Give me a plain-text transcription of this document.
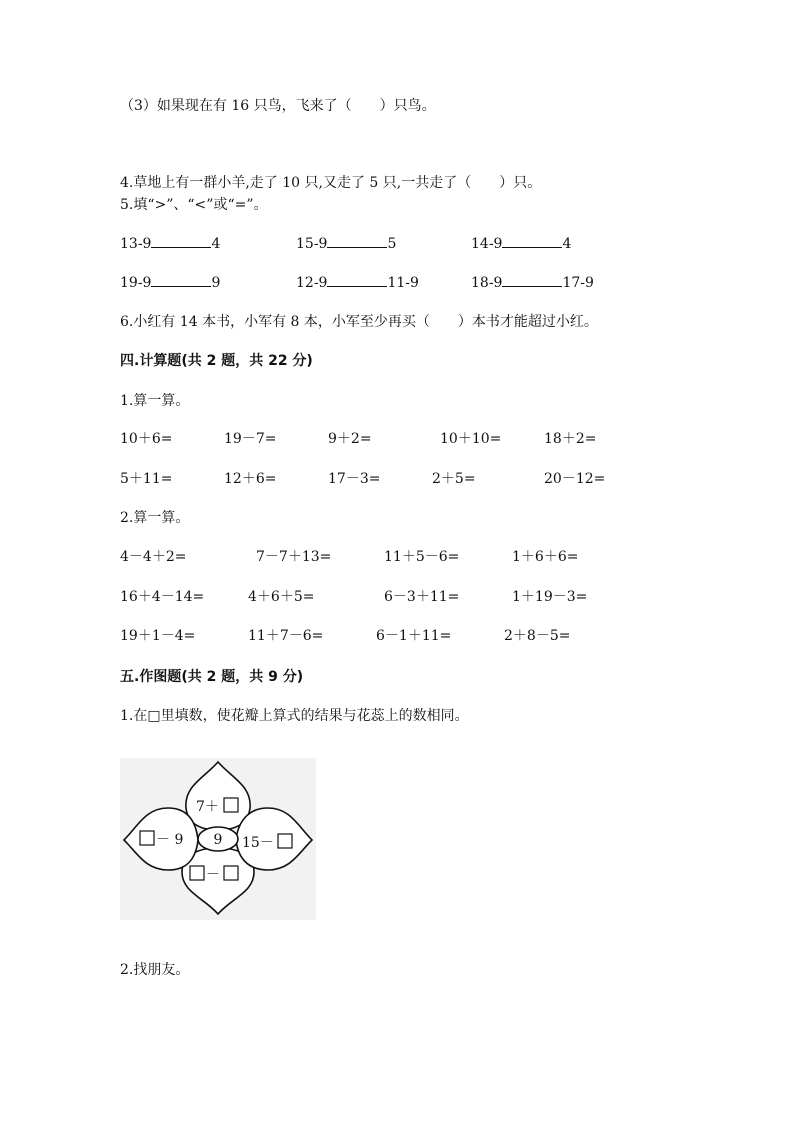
（3）如果现在有 16 只鸟，飞来了（　　）只鸟。
4.草地上有一群小羊,走了 10 只,又走了 5 只,一共走了（　　）只。
5.填“>”、“<”或“=”。
13-9	4	15-9	5	14-9	4
19-9	9	12-9	11-9	18-9	17-9
6.小红有 14 本书，小军有 8 本，小军至少再买（　　）本书才能超过小红。
四.计算题(共 2 题，共 22 分)
1.算一算。
10＋6=	19－7=	9＋2=	10＋10=	18＋2=
5＋11=	12＋6=	17－3=	2＋5=	20－12=
2.算一算。
4－4＋2=	7－7＋13=	11＋5－6=	1＋6＋6=
16＋4－14=	4＋6＋5=	6－3＋11=	1＋19－3=
19＋1－4=	11＋7－6=	6－1＋11=	2＋8－5=
五.作图题(共 2 题，共 9 分)
1.在□里填数，使花瓣上算式的结果与花蕊上的数相同。
9
7＋
－ 9	15－
－
2.找朋友。
